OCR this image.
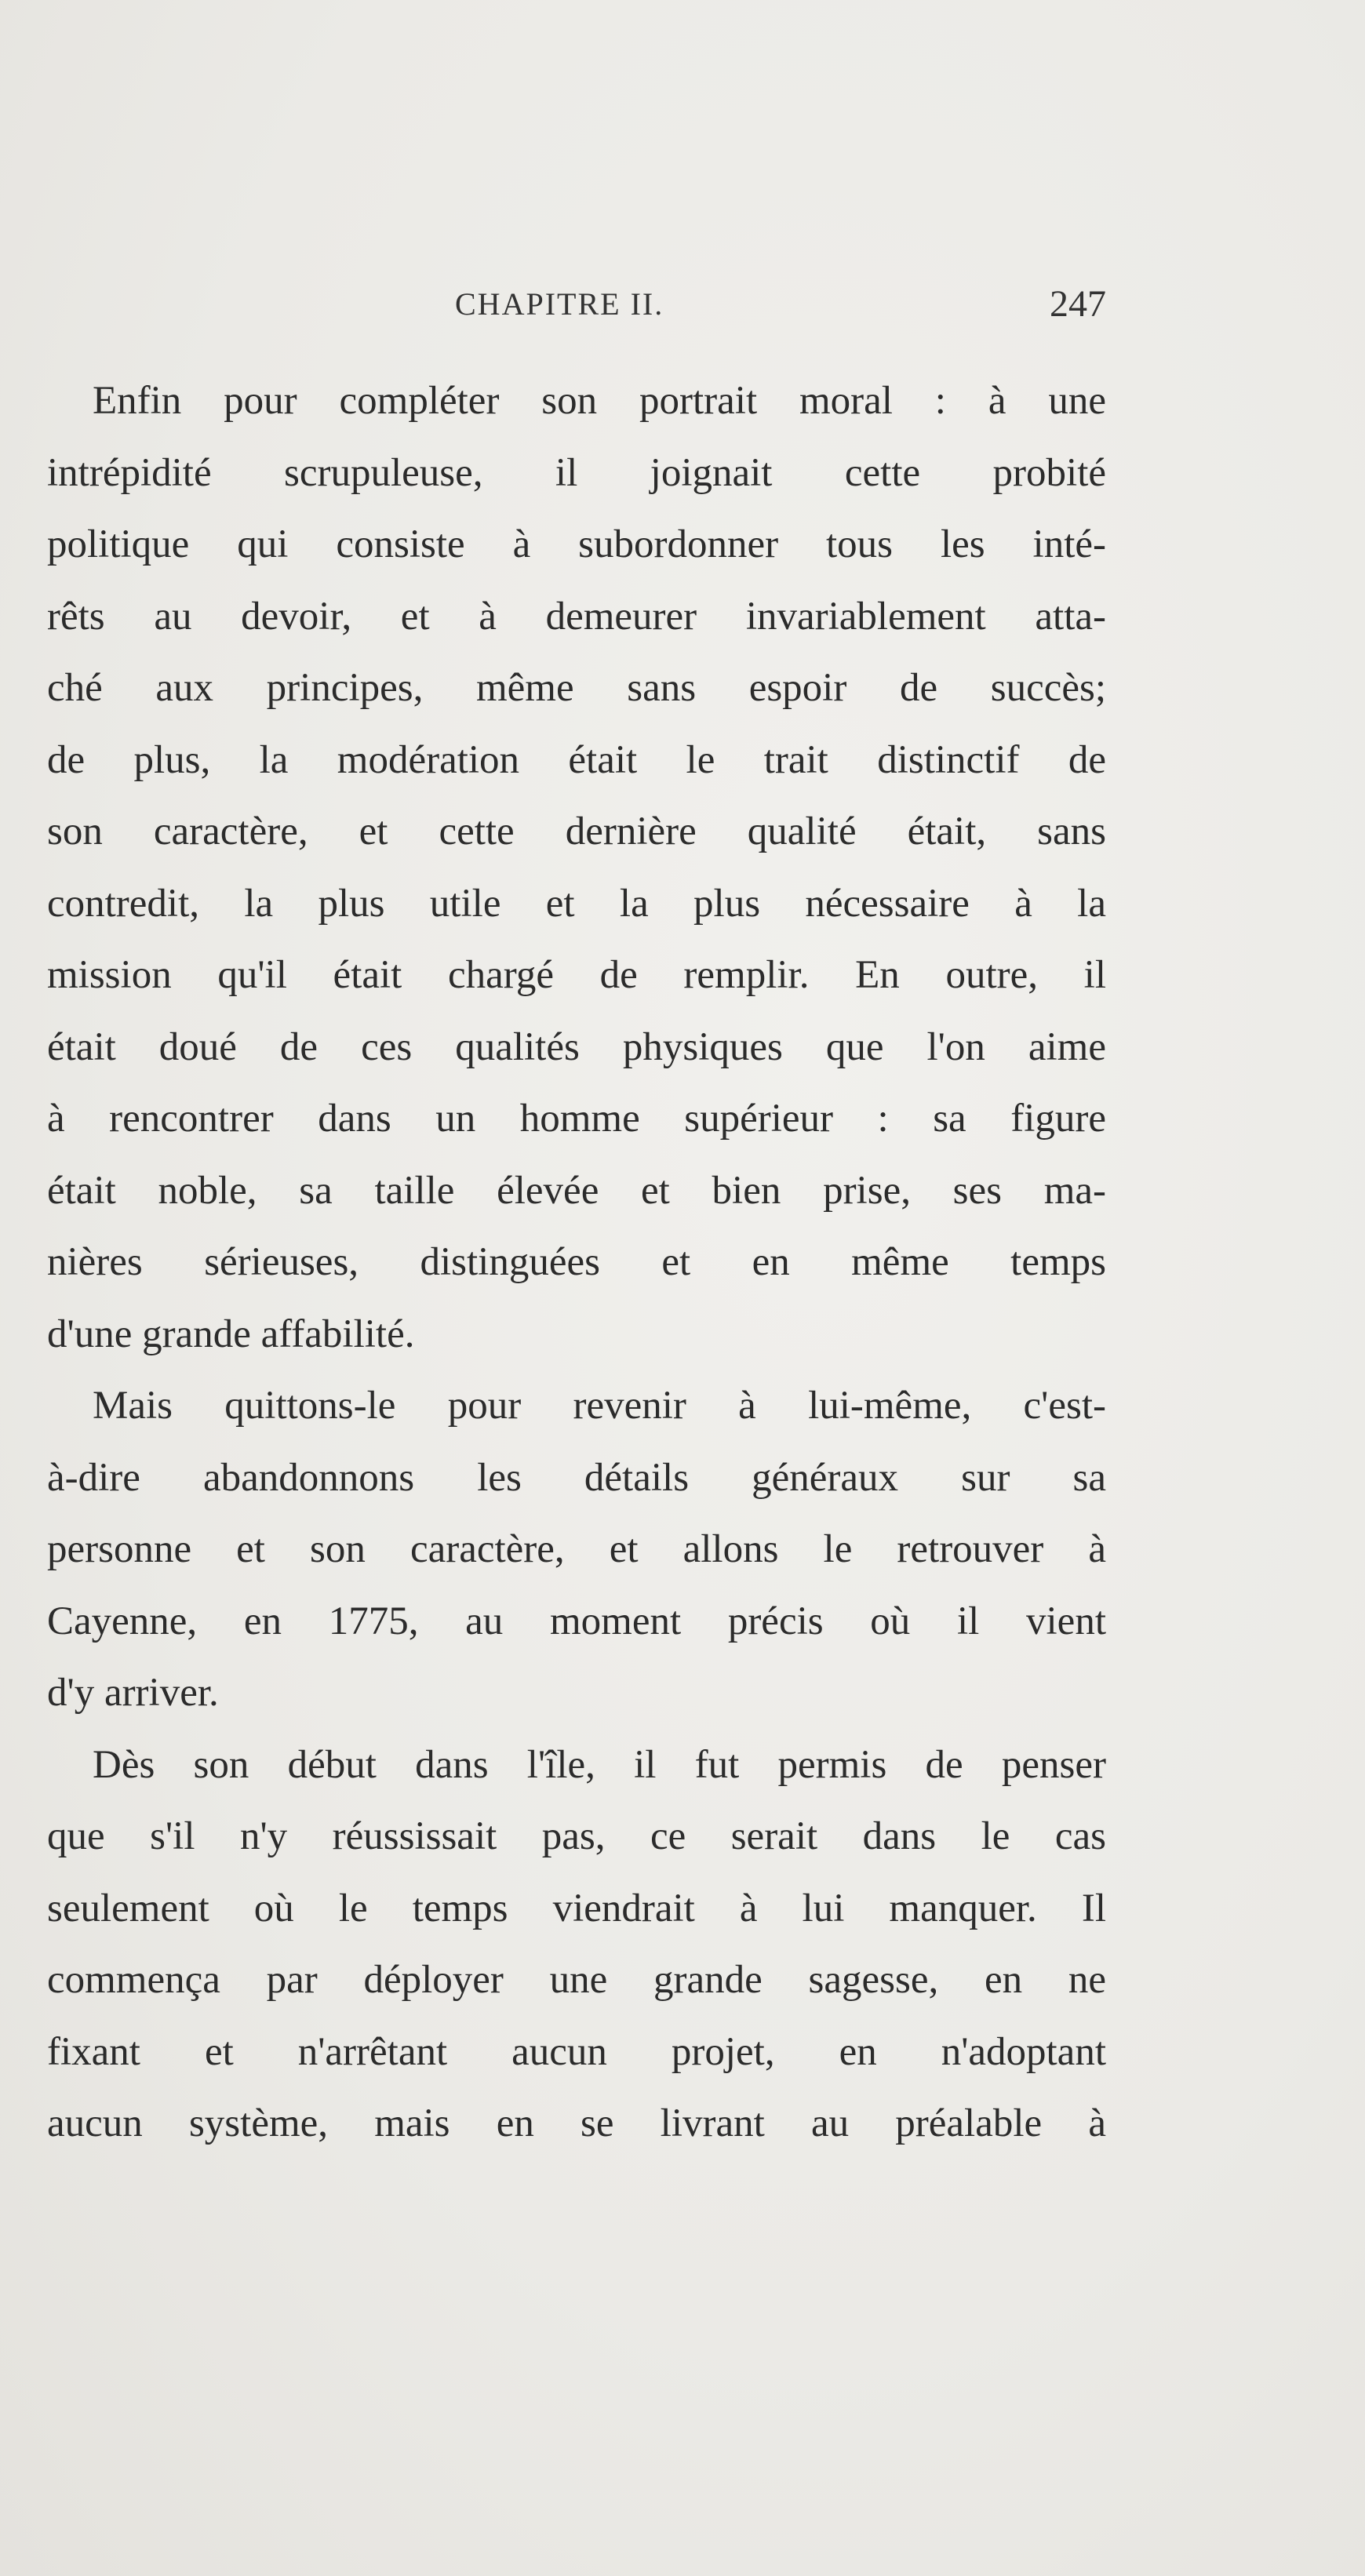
CHAPITRE II.	247
Enfin pour compléter son portrait moral : à une
intrépidité scrupuleuse, il joignait cette probité
politique qui consiste à subordonner tous les inté-
rêts au devoir, et à demeurer invariablement atta-
ché aux principes, même sans espoir de succès;
de plus, la modération était le trait distinctif de
son caractère, et cette dernière qualité était, sans
contredit, la plus utile et la plus nécessaire à la
mission qu'il était chargé de remplir. En outre, il
était doué de ces qualités physiques que l'on aime
à rencontrer dans un homme supérieur : sa figure
était noble, sa taille élevée et bien prise, ses ma-
nières sérieuses, distinguées et en même temps
d'une grande affabilité.
Mais quittons-le pour revenir à lui-même, c'est-
à-dire abandonnons les détails généraux sur sa
personne et son caractère, et allons le retrouver à
Cayenne, en 1775, au moment précis où il vient
d'y arriver.
Dès son début dans l'île, il fut permis de penser
que s'il n'y réussissait pas, ce serait dans le cas
seulement où le temps viendrait à lui manquer. Il
commença par déployer une grande sagesse, en ne
fixant et n'arrêtant aucun projet, en n'adoptant
aucun système, mais en se livrant au préalable à
